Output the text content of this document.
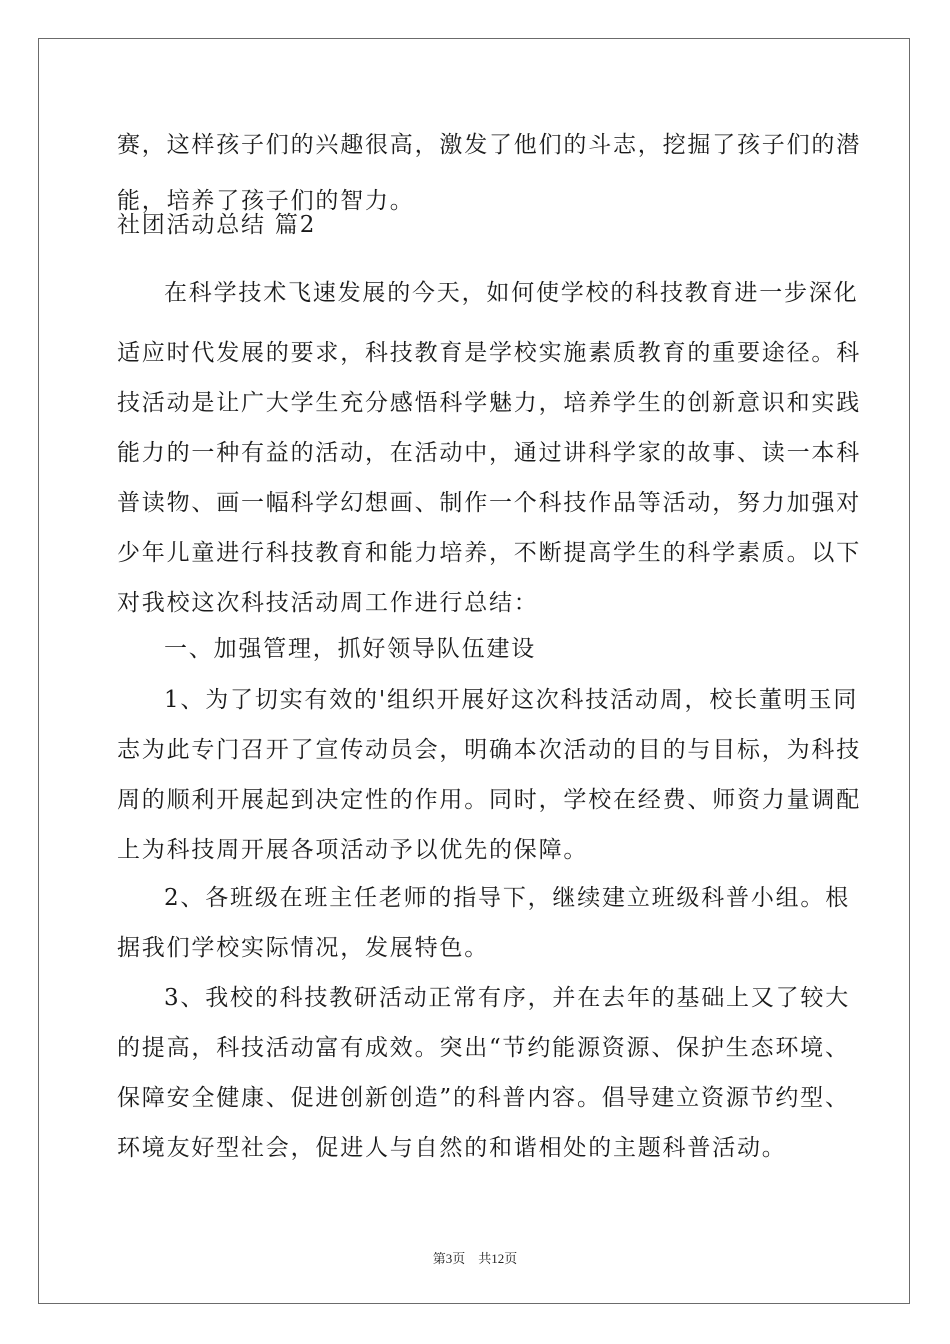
赛，这样孩子们的兴趣很高，激发了他们的斗志，挖掘了孩子们的潜
能，培养了孩子们的智力。
社团活动总结 篇2
在科学技术飞速发展的今天，如何使学校的科技教育进一步深化
适应时代发展的要求，科技教育是学校实施素质教育的重要途径。科
技活动是让广大学生充分感悟科学魅力，培养学生的创新意识和实践
能力的一种有益的活动，在活动中，通过讲科学家的故事、读一本科
普读物、画一幅科学幻想画、制作一个科技作品等活动，努力加强对
少年儿童进行科技教育和能力培养，不断提高学生的科学素质。以下
对我校这次科技活动周工作进行总结：
一、加强管理，抓好领导队伍建设
1、为了切实有效的'组织开展好这次科技活动周，校长董明玉同
志为此专门召开了宣传动员会，明确本次活动的目的与目标，为科技
周的顺利开展起到决定性的作用。同时，学校在经费、师资力量调配
上为科技周开展各项活动予以优先的保障。
2、各班级在班主任老师的指导下，继续建立班级科普小组。根
据我们学校实际情况，发展特色。
3、我校的科技教研活动正常有序，并在去年的基础上又了较大
的提高，科技活动富有成效。突出“节约能源资源、保护生态环境、
保障安全健康、促进创新创造”的科普内容。倡导建立资源节约型、
环境友好型社会，促进人与自然的和谐相处的主题科普活动。
第3页　共12页
